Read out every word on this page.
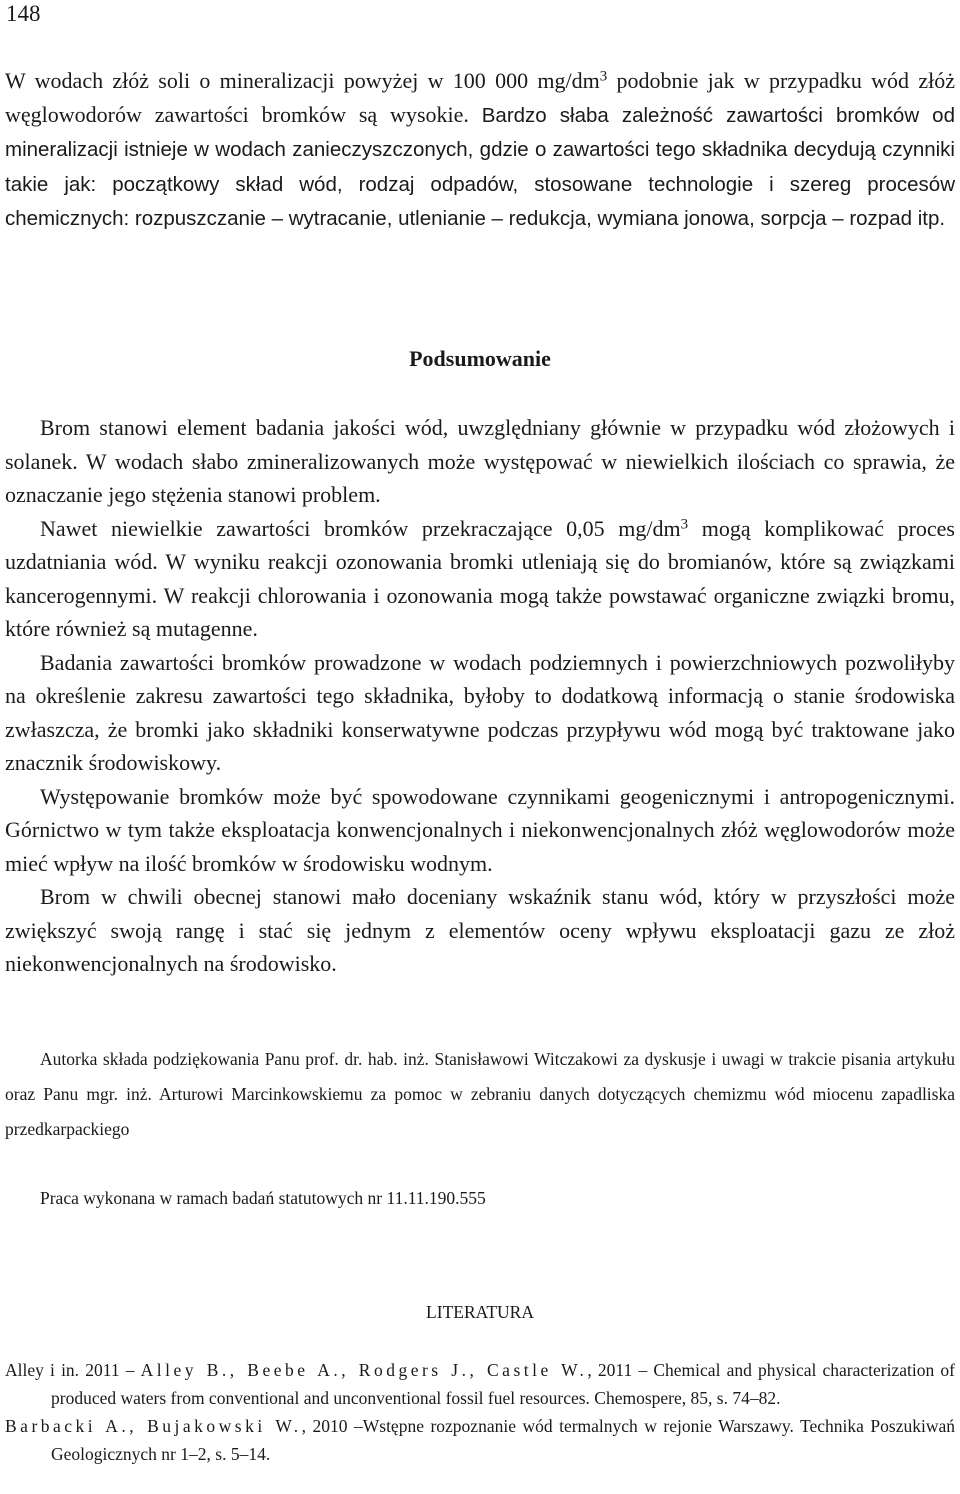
148
W wodach złóż soli o mineralizacji powyżej w 100 000 $mg/dm^3$ podobnie jak w przypadku wód złóż węglowodorów zawartości bromków są wysokie. Bardzo słaba zależność zawartości bromków od mineralizacji istnieje w wodach zanieczyszczonych, gdzie o zawartości tego składnika decydują czynniki takie jak: początkowy skład wód, rodzaj odpadów, stosowane technologie i szereg procesów chemicznych: rozpuszczanie – wytracanie, utlenianie – redukcja, wymiana jonowa, sorpcja – rozpad itp.
Podsumowanie

Brom stanowi element badania jakości wód, uwzględniany głównie w przypadku wód złożowych i solanek. W wodach słabo zmineralizowanych może występować w niewielkich ilościach co sprawia, że oznaczanie jego stężenia stanowi problem.

Nawet niewielkie zawartości bromków przekraczające 0,05 $mg/dm^3$ mogą komplikować proces uzdatniania wód. W wyniku reakcji ozonowania bromki utleniają się do bromianów, które są związkami kancerogennymi. W reakcji chlorowania i ozonowania mogą także powstawać organiczne związki bromu, które również są mutagenne.

Badania zawartości bromków prowadzone w wodach podziemnych i powierzchniowych pozwoliłyby na określenie zakresu zawartości tego składnika, byłoby to dodatkową informacją o stanie środowiska zwłaszcza, że bromki jako składniki konserwatywne podczas przypływu wód mogą być traktowane jako znacznik środowiskowy.

Występowanie bromków może być spowodowane czynnikami geogenicznymi i antropogenicznymi. Górnictwo w tym także eksploatacja konwencjonalnych i niekonwencjonalnych złóż węglowodorów może mieć wpływ na ilość bromków w środowisku wodnym.

Brom w chwili obecnej stanowi mało doceniany wskaźnik stanu wód, który w przyszłości może zwiększyć swoją rangę i stać się jednym z elementów oceny wpływu eksploatacji gazu ze złoż niekonwencjonalnych na środowisko.

Autorka składa podziękowania Panu prof. dr. hab. inż. Stanisławowi Witczakowi za dyskusje i uwagi w trakcie pisania artykułu oraz Panu mgr. inż. Arturowi Marcinkowskiemu za pomoc w zebraniu danych dotyczących chemizmu wód miocenu zapadliska przedkarpackiego

Praca wykonana w ramach badań statutowych nr 11.11.190.555
LITERATURA

Alley i in. 2011 – Alley B., Beebe A., Rodgers J., Castle W., 2011 – Chemical and physical characterization of produced waters from conventional and unconventional fossil fuel resources. Chemospere, 85, s. 74–82.

Barbacki A., Bujakowski W., 2010 –Wstępne rozpoznanie wód termalnych w rejonie Warszawy. Technika Poszukiwań Geologicznych nr 1–2, s. 5–14.
